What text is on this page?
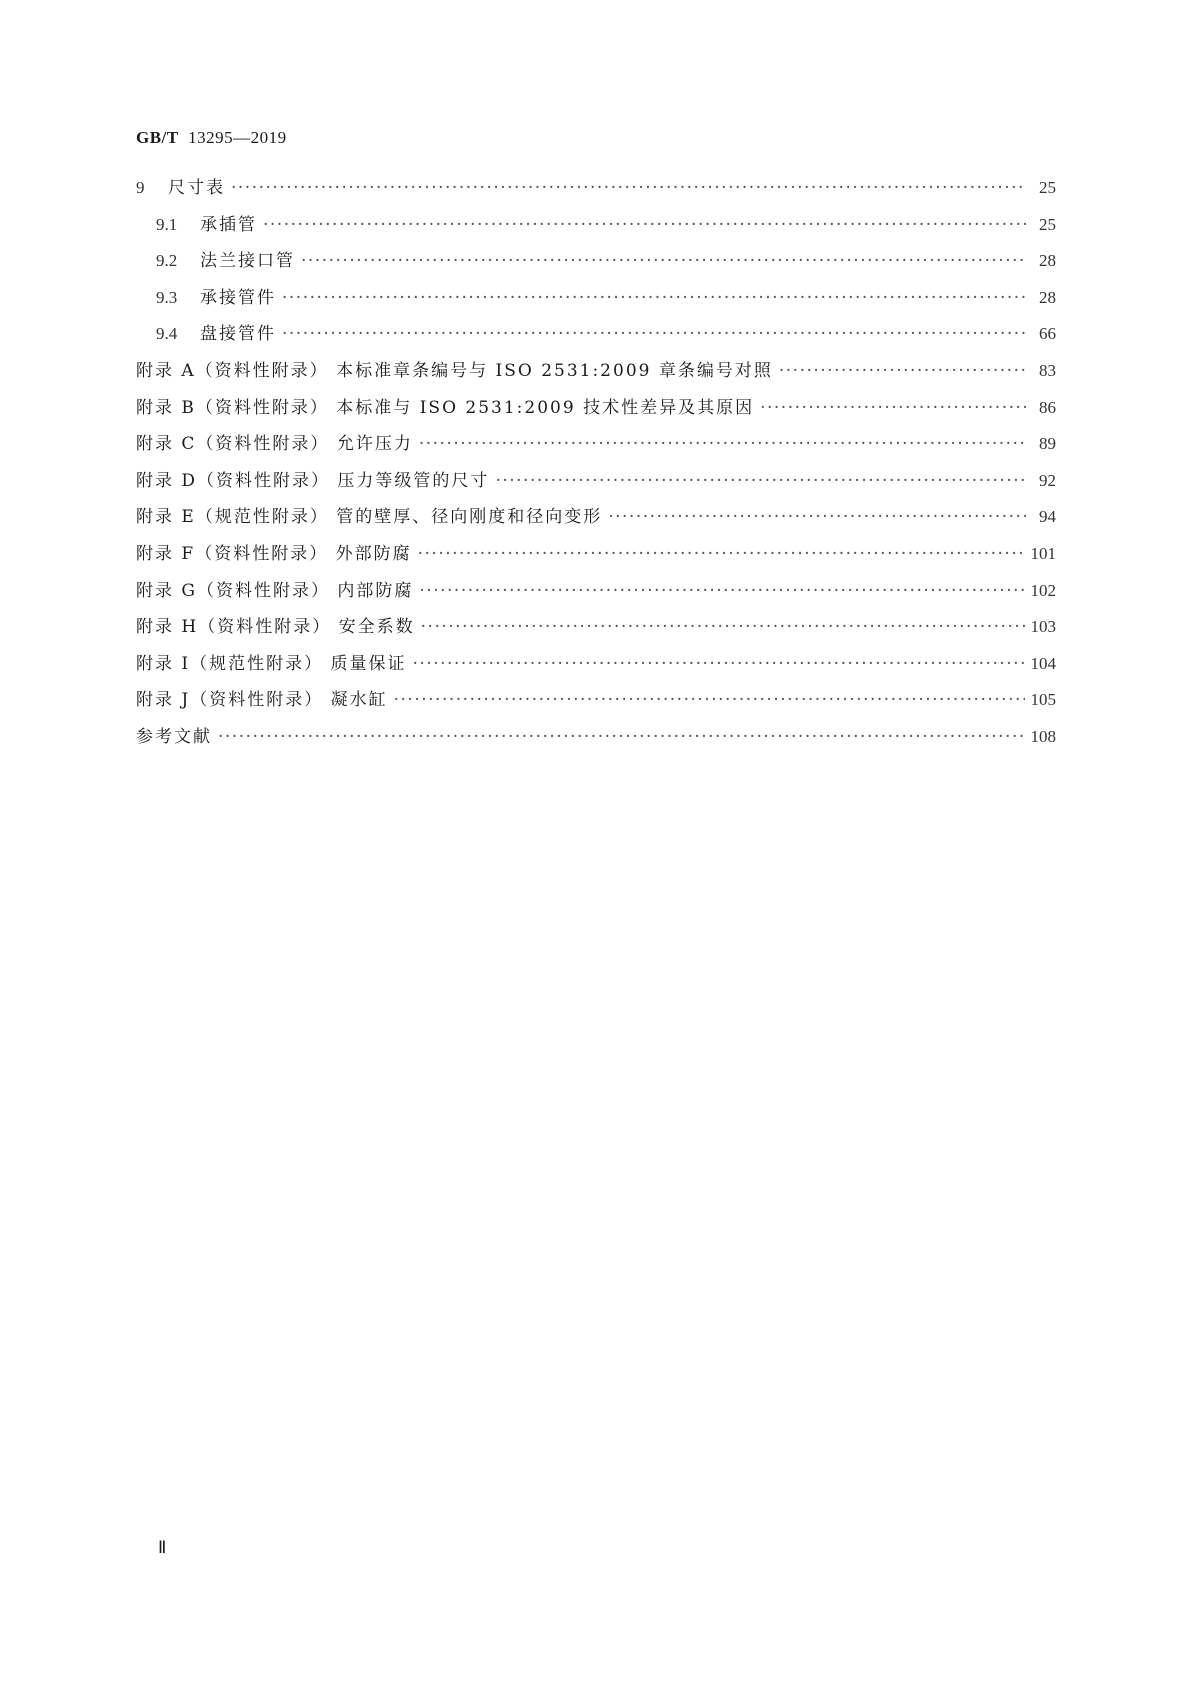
GB/T 13295—2019
9	尺寸表 ·····	25
9.1	承插管 ·····	25
9.2	法兰接口管 ·····	28
9.3	承接管件 ·····	28
9.4	盘接管件 ·····	66
附录 A（资料性附录） 本标准章条编号与 ISO 2531:2009 章条编号对照 ·····	83
附录 B（资料性附录） 本标准与 ISO 2531:2009 技术性差异及其原因 ·····	86
附录 C（资料性附录） 允许压力 ·····	89
附录 D（资料性附录） 压力等级管的尺寸 ·····	92
附录 E（规范性附录） 管的壁厚、径向刚度和径向变形 ·····	94
附录 F（资料性附录） 外部防腐 ·····	101
附录 G（资料性附录） 内部防腐 ·····	102
附录 H（资料性附录） 安全系数 ·····	103
附录 I（规范性附录） 质量保证 ·····	104
附录 J（资料性附录） 凝水缸 ·····	105
参考文献 ·····	108
Ⅱ
